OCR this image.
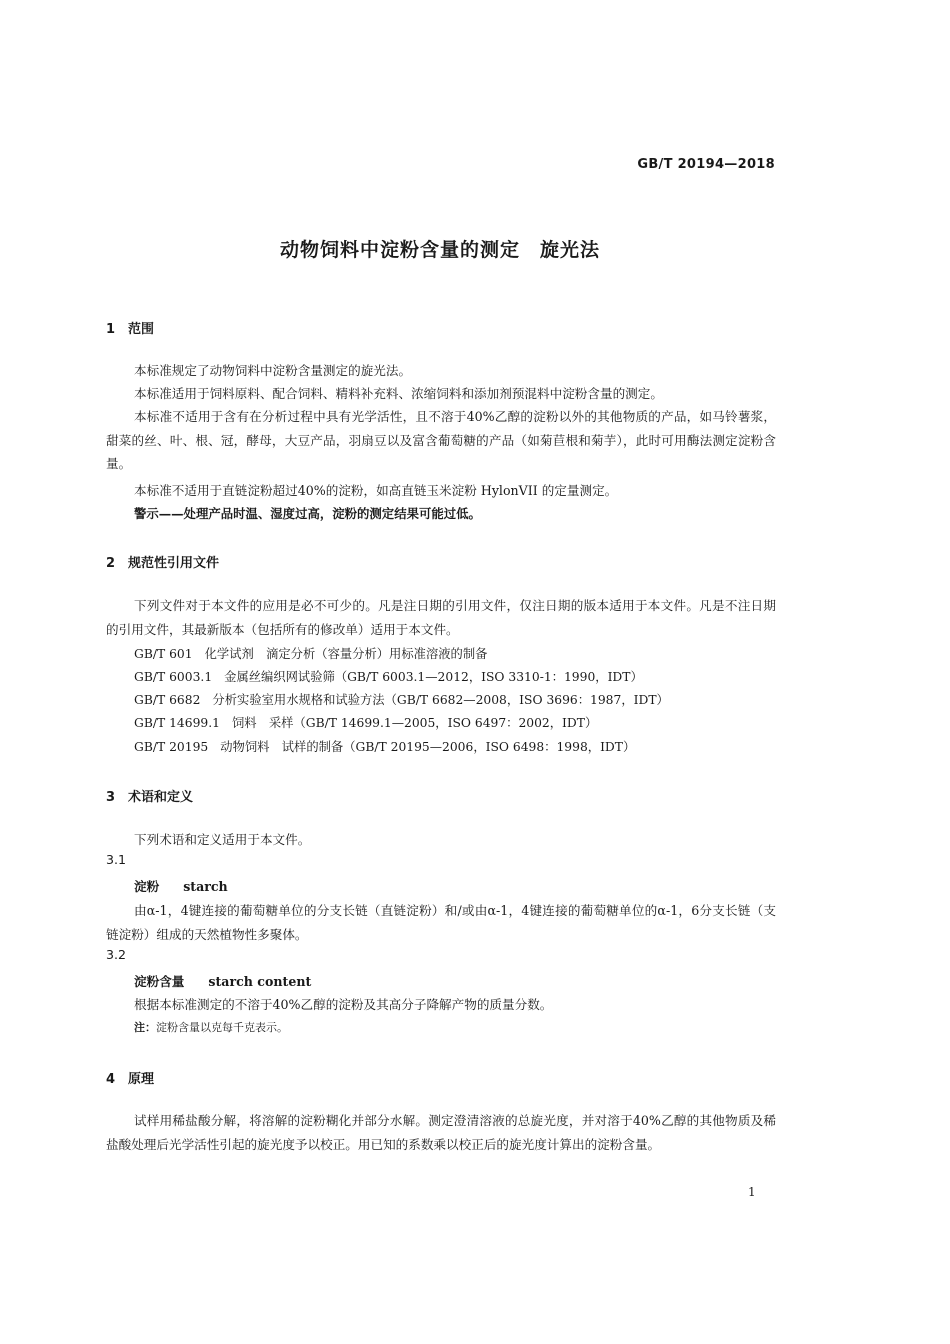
GB/T 20194—2018
动物饲料中淀粉含量的测定　旋光法
1 范围
本标准规定了动物饲料中淀粉含量测定的旋光法。
本标准适用于饲料原料、配合饲料、精料补充料、浓缩饲料和添加剂预混料中淀粉含量的测定。
本标准不适用于含有在分析过程中具有光学活性，且不溶于40%乙醇的淀粉以外的其他物质的产品，如马铃薯浆，甜菜的丝、叶、根、冠，酵母，大豆产品，羽扇豆以及富含葡萄糖的产品（如菊苣根和菊芋），此时可用酶法测定淀粉含量。
本标准不适用于直链淀粉超过40%的淀粉，如高直链玉米淀粉 HylonVII 的定量测定。
警示——处理产品时温、湿度过高，淀粉的测定结果可能过低。
2 规范性引用文件
下列文件对于本文件的应用是必不可少的。凡是注日期的引用文件，仅注日期的版本适用于本文件。凡是不注日期的引用文件，其最新版本（包括所有的修改单）适用于本文件。
GB/T 601 化学试剂　滴定分析（容量分析）用标准溶液的制备
GB/T 6003.1 金属丝编织网试验筛（GB/T 6003.1—2012，ISO 3310-1：1990，IDT）
GB/T 6682 分析实验室用水规格和试验方法（GB/T 6682—2008，ISO 3696：1987，IDT）
GB/T 14699.1 饲料　采样（GB/T 14699.1—2005，ISO 6497：2002，IDT）
GB/T 20195 动物饲料　试样的制备（GB/T 20195—2006，ISO 6498：1998，IDT）
3 术语和定义
下列术语和定义适用于本文件。
3.1
淀粉 starch
由α-1，4键连接的葡萄糖单位的分支长链（直链淀粉）和/或由α-1，4键连接的葡萄糖单位的α-1，6分支长链（支链淀粉）组成的天然植物性多聚体。
3.2
淀粉含量 starch content
根据本标准测定的不溶于40%乙醇的淀粉及其高分子降解产物的质量分数。
注：淀粉含量以克每千克表示。
4 原理
试样用稀盐酸分解，将溶解的淀粉糊化并部分水解。测定澄清溶液的总旋光度，并对溶于40%乙醇的其他物质及稀盐酸处理后光学活性引起的旋光度予以校正。用已知的系数乘以校正后的旋光度计算出的淀粉含量。
1
